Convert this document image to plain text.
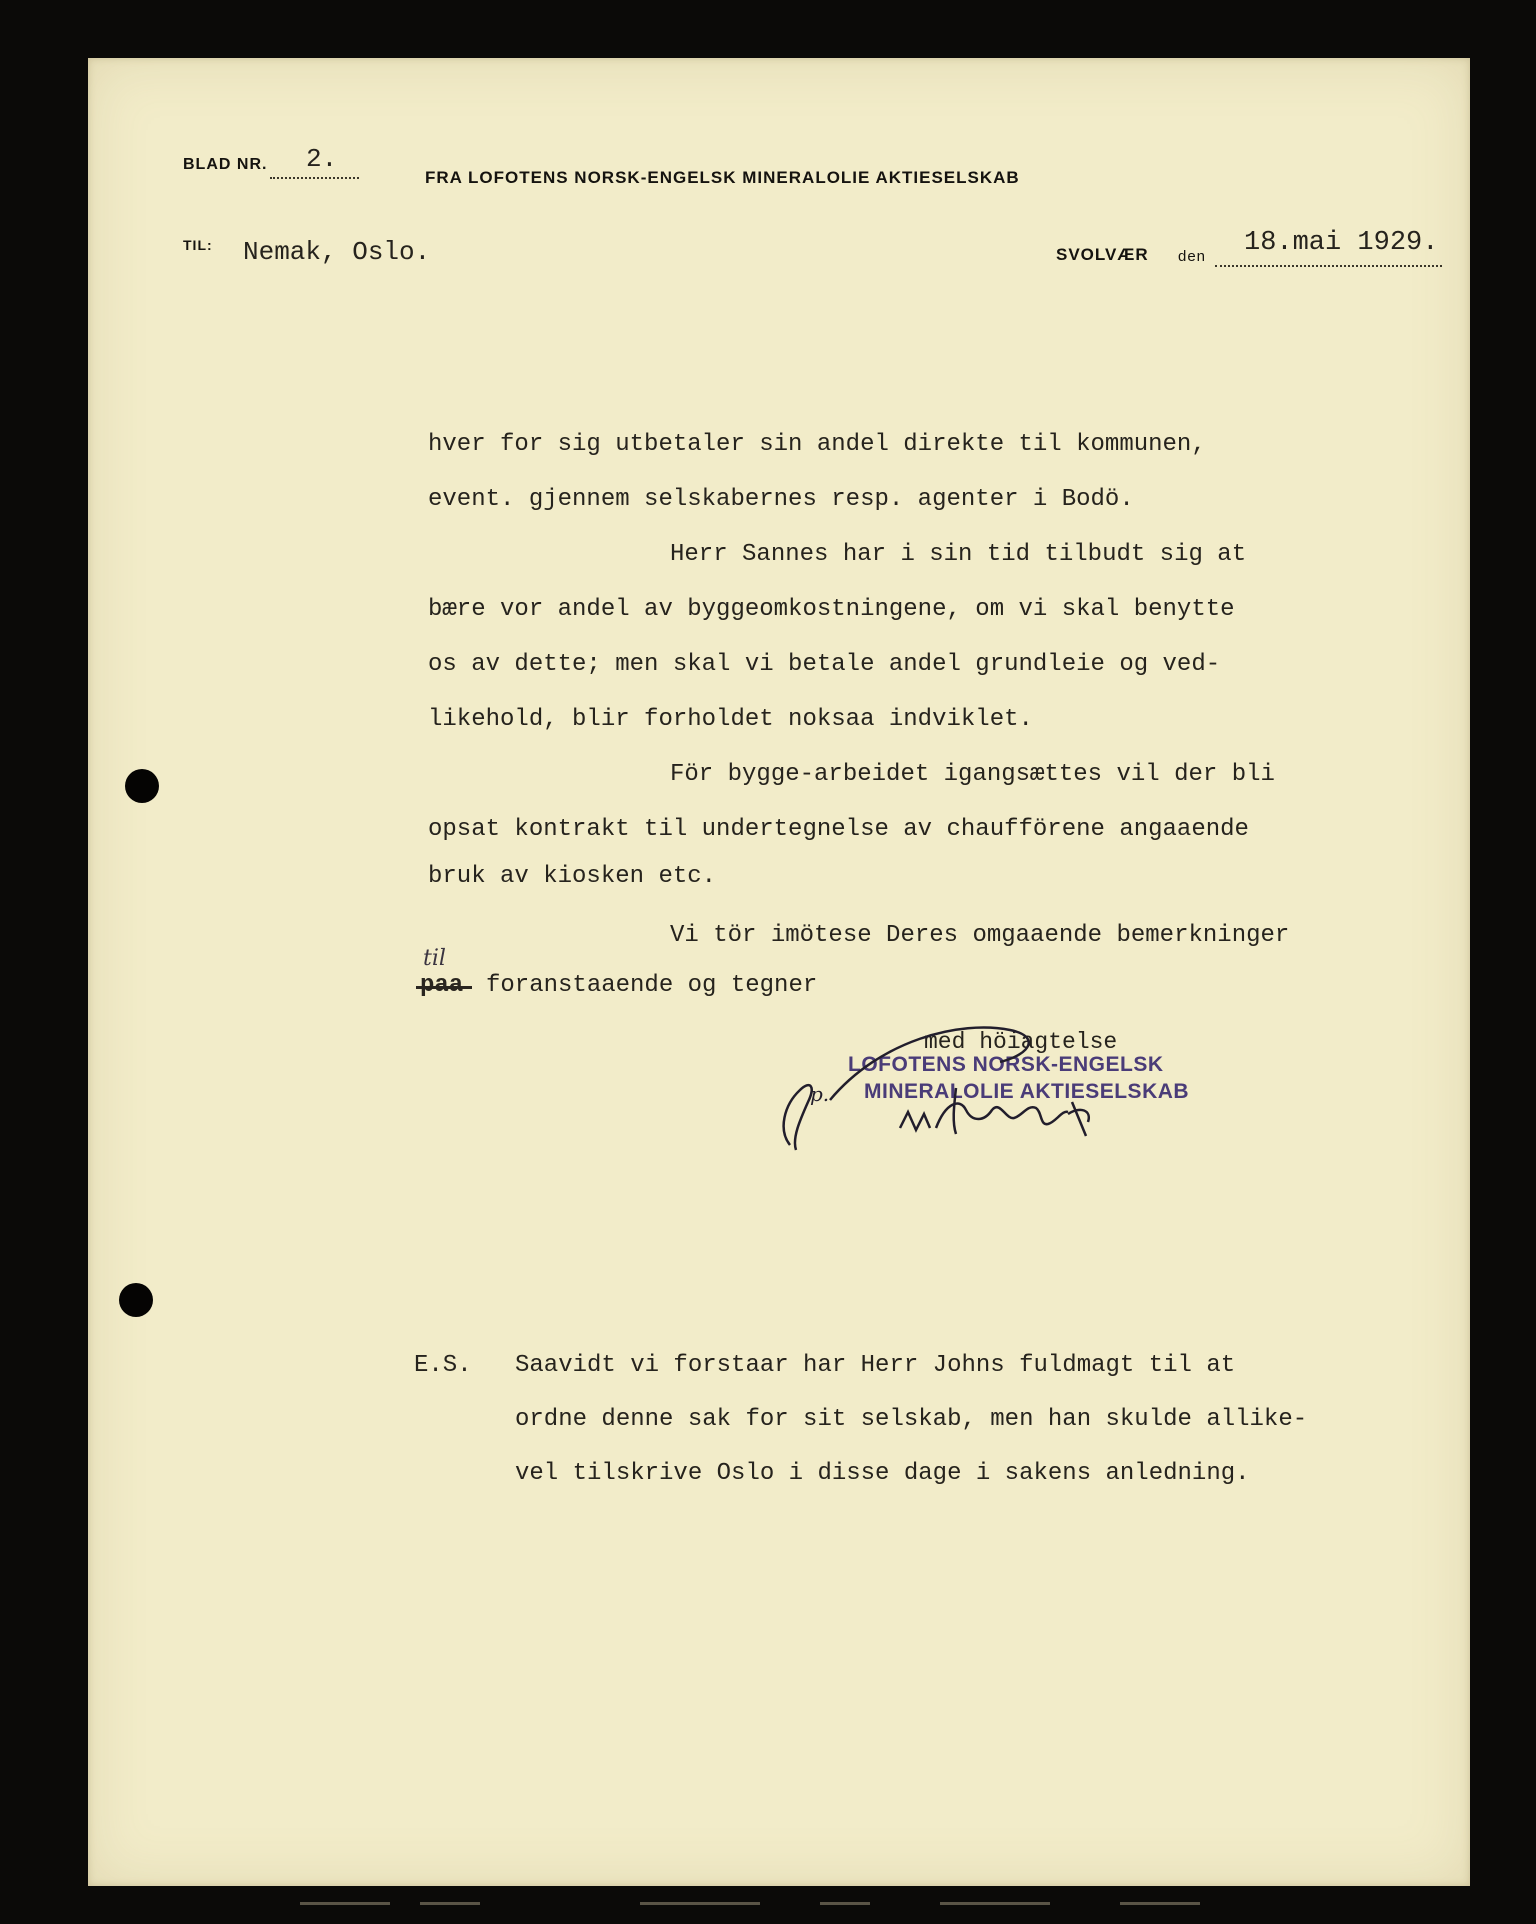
BLAD NR. 2.
FRA LOFOTENS NORSK-ENGELSK MINERALOLIE AKTIESELSKAB
TIL: Nemak, Oslo.	SVOLVÆR den 18.mai 1929.
hver for sig utbetaler sin andel direkte til kommunen,
event. gjennem selskabernes resp. agenter i Bodö.
Herr Sannes har i sin tid tilbudt sig at
bære vor andel av byggeomkostningene, om vi skal benytte
os av dette; men skal vi betale andel grundleie og ved-
likehold, blir forholdet noksaa indviklet.
För bygge-arbeidet igangsættes vil der bli
opsat kontrakt til undertegnelse av chaufförene angaaende
bruk av kiosken etc.
Vi tör imötese Deres omgaaende bemerkninger
til
foranstaaende og tegner
med höiagtelse
LOFOTENS NORSK-ENGELSK
MINERALOLIE AKTIESELSKAB
p.
E.S. Saavidt vi forstaar har Herr Johns fuldmagt til at
ordne denne sak for sit selskab, men han skulde allike-
vel tilskrive Oslo i disse dage i sakens anledning.
